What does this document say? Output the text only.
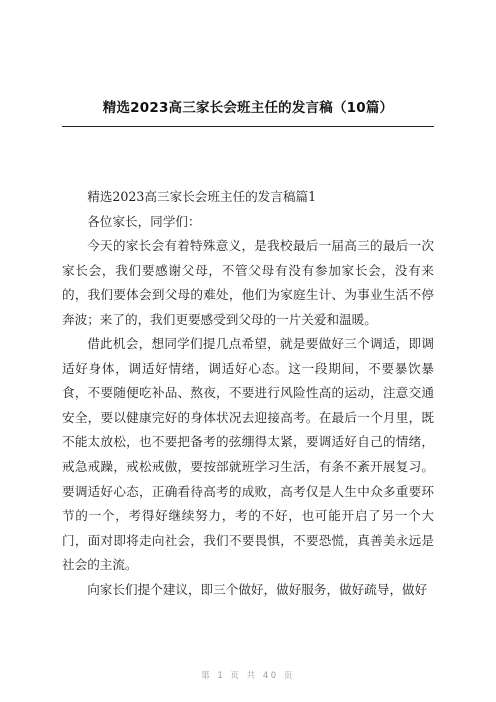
精选2023高三家长会班主任的发言稿（10篇）

精选2023高三家长会班主任的发言稿篇1

各位家长，同学们：

今天的家长会有着特殊意义，是我校最后一届高三的最后一次家长会，我们要感谢父母，不管父母有没有参加家长会，没有来的，我们要体会到父母的难处，他们为家庭生计、为事业生活不停奔波；来了的，我们更要感受到父母的一片关爱和温暖。

借此机会，想同学们提几点希望，就是要做好三个调适，即调适好身体，调适好情绪，调适好心态。这一段期间，不要暴饮暴食，不要随便吃补品、熬夜，不要进行风险性高的运动，注意交通安全，要以健康完好的身体状况去迎接高考。在最后一个月里，既不能太放松，也不要把备考的弦绷得太紧，要调适好自己的情绪，戒急戒躁，戒松戒傲，要按部就班学习生活，有条不紊开展复习。要调适好心态，正确看待高考的成败，高考仅是人生中众多重要环节的一个，考得好继续努力，考的不好，也可能开启了另一个大门，面对即将走向社会，我们不要畏惧，不要恐慌，真善美永远是社会的主流。

向家长们提个建议，即三个做好，做好服务，做好疏导，做好

第 1 页 共 40 页
